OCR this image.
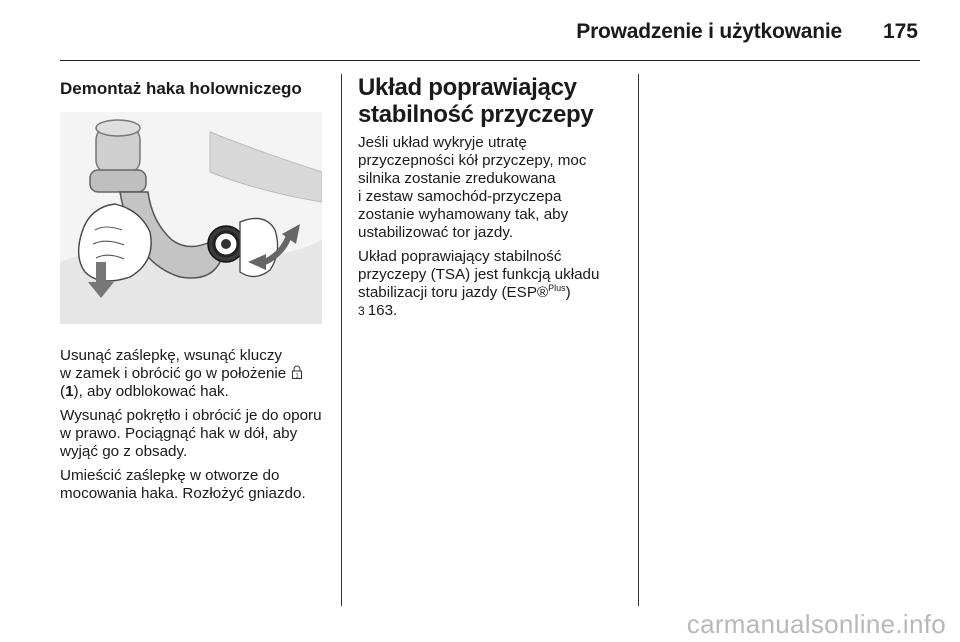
Prowadzenie i użytkowanie 175
Demontaż haka holowniczego

Usunąć zaślepkę, wsunąć kluczy
w zamek i obrócić go w położenie 1

(1), aby odblokować hak.

Wysunąć pokrętło i obrócić je do oporu w prawo. Pociągnąć hak w dół, aby wyjąć go z obsady.

Umieścić zaślepkę w otworze do mocowania haka. Rozłożyć gniazdo.

Układ poprawiający
stabilność przyczepy

Jeśli układ wykryje utratę
przyczepności kół przyczepy, moc
silnika zostanie zredukowana
i zestaw samochód-przyczepa
zostanie wyhamowany tak, aby
ustabilizować tor jazdy.

Układ poprawiający stabilność
przyczepy (TSA) jest funkcją układu
stabilizacji toru jazdy (ESP®$^{Plus}$)
3 163.

carmanualsonline.info
